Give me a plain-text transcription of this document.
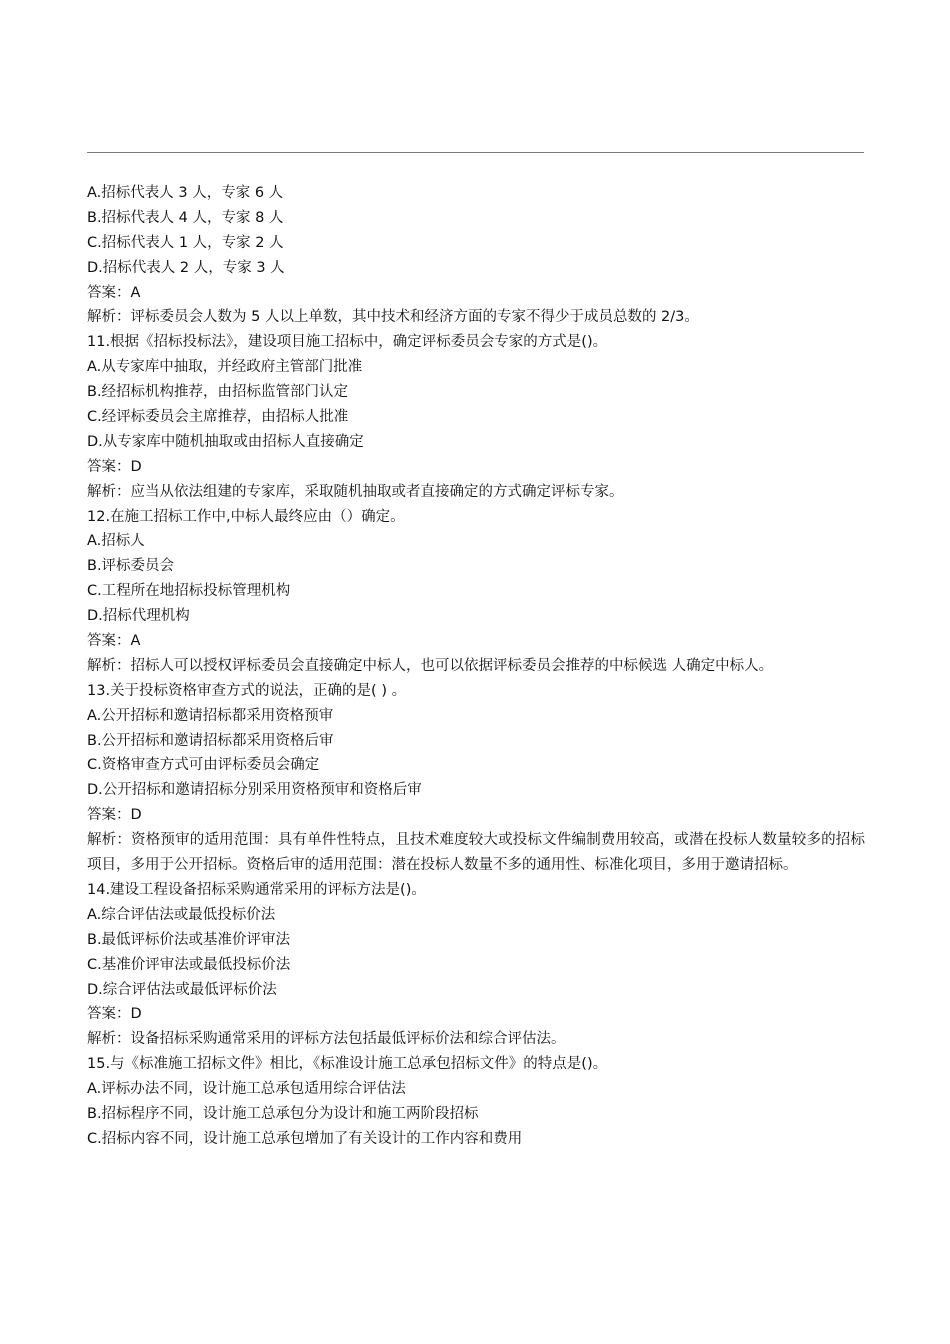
A.招标代表人 3 人，专家 6 人
B.招标代表人 4 人，专家 8 人
C.招标代表人 1 人，专家 2 人
D.招标代表人 2 人，专家 3 人
答案：A
解析：评标委员会人数为 5 人以上单数，其中技术和经济方面的专家不得少于成员总数的 2/3。
11.根据《招标投标法》，建设项目施工招标中，确定评标委员会专家的方式是()。
A.从专家库中抽取，并经政府主管部门批准
B.经招标机构推荐，由招标监管部门认定
C.经评标委员会主席推荐，由招标人批准
D.从专家库中随机抽取或由招标人直接确定
答案：D
解析：应当从依法组建的专家库，采取随机抽取或者直接确定的方式确定评标专家。
12.在施工招标工作中,中标人最终应由（）确定。
A.招标人
B.评标委员会
C.工程所在地招标投标管理机构
D.招标代理机构
答案：A
解析：招标人可以授权评标委员会直接确定中标人，也可以依据评标委员会推荐的中标候选 人确定中标人。
13.关于投标资格审查方式的说法，正确的是( ) 。
A.公开招标和邀请招标都采用资格预审
B.公开招标和邀请招标都采用资格后审
C.资格审查方式可由评标委员会确定
D.公开招标和邀请招标分别采用资格预审和资格后审
答案：D
解析：资格预审的适用范围：具有单件性特点，且技术难度较大或投标文件编制费用较高，或潜在投标人数量较多的招标项目，多用于公开招标。资格后审的适用范围：潜在投标人数量不多的通用性、标准化项目，多用于邀请招标。
14.建设工程设备招标采购通常采用的评标方法是()。
A.综合评估法或最低投标价法
B.最低评标价法或基准价评审法
C.基准价评审法或最低投标价法
D.综合评估法或最低评标价法
答案：D
解析：设备招标采购通常采用的评标方法包括最低评标价法和综合评估法。
15.与《标准施工招标文件》相比，《标准设计施工总承包招标文件》的特点是()。
A.评标办法不同，设计施工总承包适用综合评估法
B.招标程序不同，设计施工总承包分为设计和施工两阶段招标
C.招标内容不同，设计施工总承包增加了有关设计的工作内容和费用
